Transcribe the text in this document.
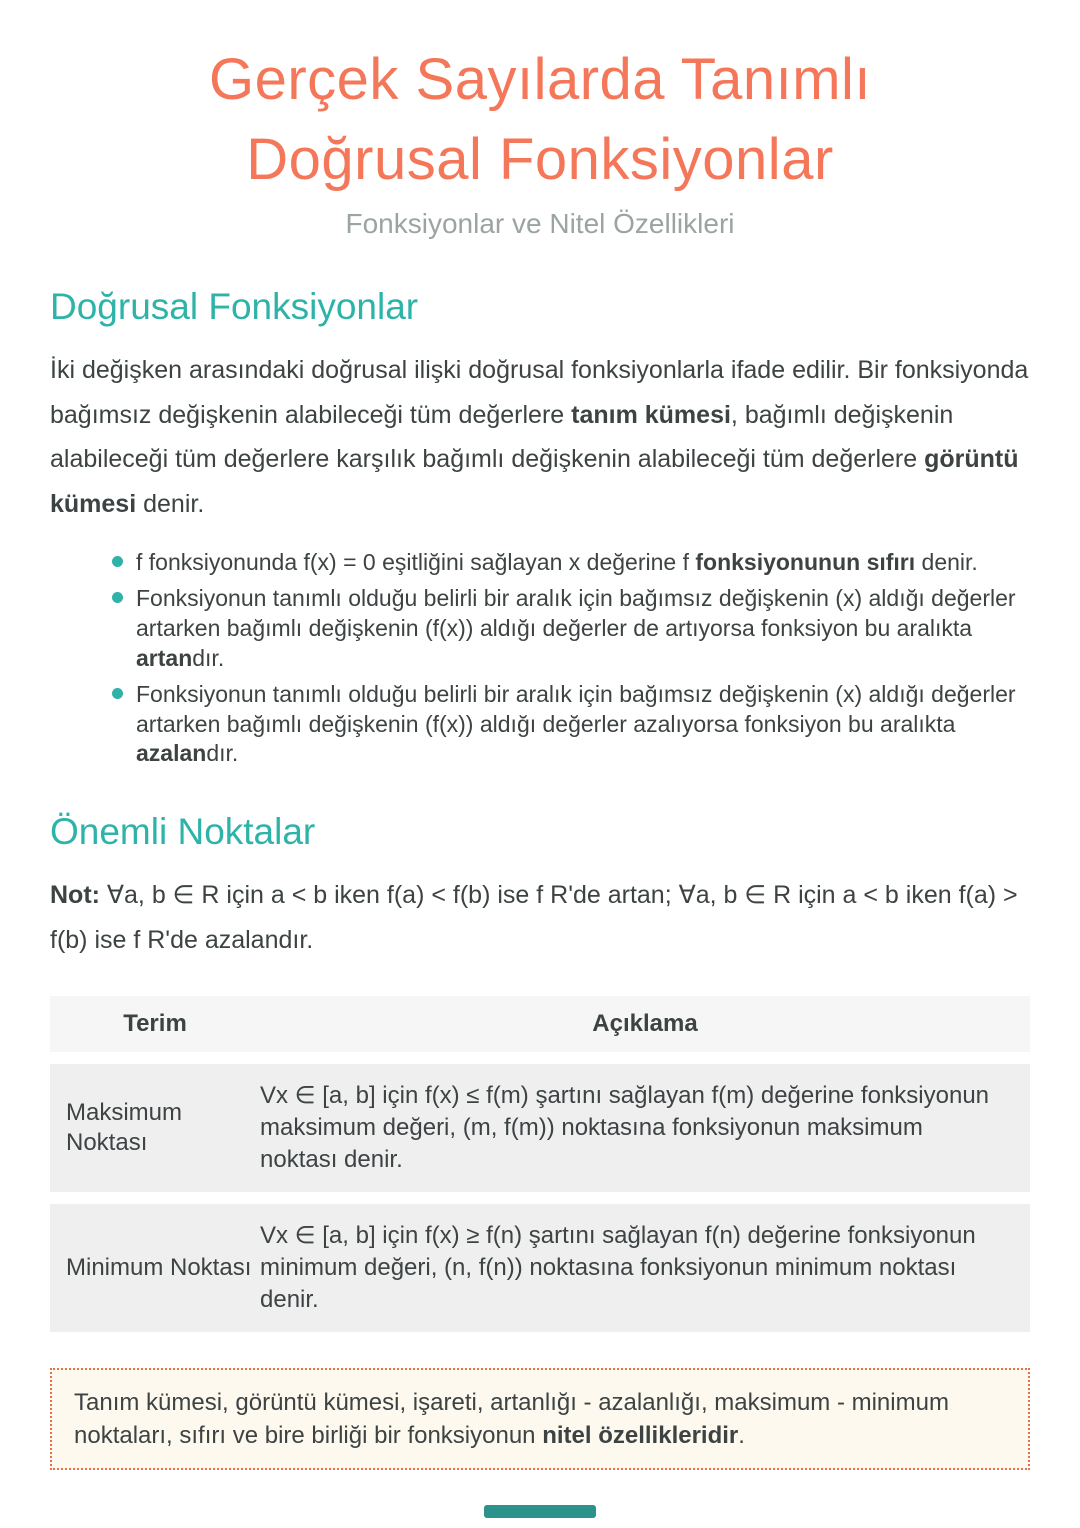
Gerçek Sayılarda Tanımlı
Doğrusal Fonksiyonlar
Fonksiyonlar ve Nitel Özellikleri
Doğrusal Fonksiyonlar

İki değişken arasındaki doğrusal ilişki doğrusal fonksiyonlarla ifade edilir. Bir fonksiyonda bağımsız değişkenin alabileceği tüm değerlere tanım kümesi, bağımlı değişkenin alabileceği tüm değerlere karşılık bağımlı değişkenin alabileceği tüm değerlere görüntü kümesi denir.

f fonksiyonunda f(x) = 0 eşitliğini sağlayan x değerine f fonksiyonunun sıfırı denir.
Fonksiyonun tanımlı olduğu belirli bir aralık için bağımsız değişkenin (x) aldığı değerler artarken bağımlı değişkenin (f(x)) aldığı değerler de artıyorsa fonksiyon bu aralıkta artandır.
Fonksiyonun tanımlı olduğu belirli bir aralık için bağımsız değişkenin (x) aldığı değerler artarken bağımlı değişkenin (f(x)) aldığı değerler azalıyorsa fonksiyon bu aralıkta azalandır.
Önemli Noktalar

Not: ∀a, b ∈ R için a < b iken f(a) < f(b) ise f R'de artan; ∀a, b ∈ R için a < b iken f(a) > f(b) ise f R'de azalandır.

Terim	Açıklama
Maksimum Noktası
Vx ∈ [a, b] için f(x) ≤ f(m) şartını sağlayan f(m) değerine fonksiyonun maksimum değeri, (m, f(m)) noktasına fonksiyonun maksimum noktası denir.
Minimum Noktası
Vx ∈ [a, b] için f(x) ≥ f(n) şartını sağlayan f(n) değerine fonksiyonun minimum değeri, (n, f(n)) noktasına fonksiyonun minimum noktası denir.

Tanım kümesi, görüntü kümesi, işareti, artanlığı - azalanlığı, maksimum - minimum noktaları, sıfırı ve bire birliği bir fonksiyonun nitel özellikleridir.
